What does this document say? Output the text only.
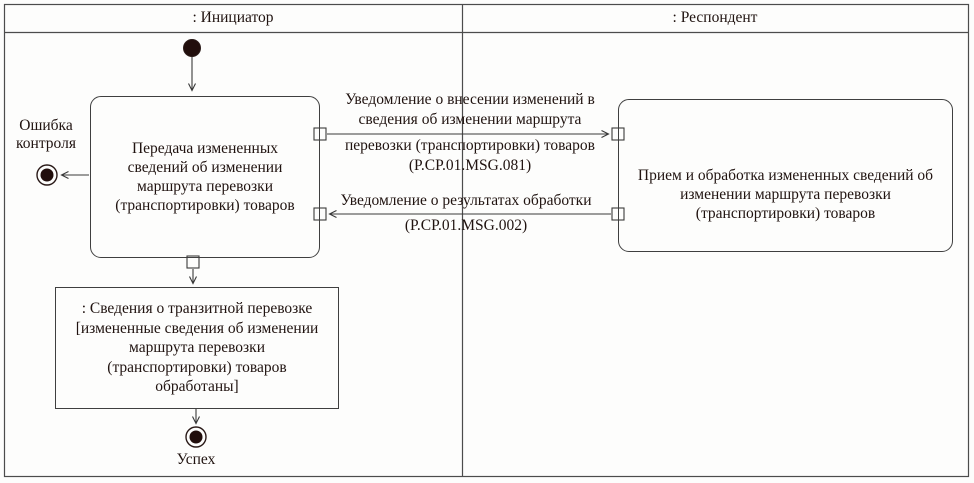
: Инициатор	: Респондент
Передача измененных
сведений об изменении
маршрута перевозки
(транспортировки) товаров
Прием и обработка измененных сведений об
изменении маршрута перевозки
(транспортировки) товаров
Ошибка
контроля
Уведомление о внесении изменений в
сведения об изменении маршрута
перевозки (транспортировки) товаров
(P.CP.01.MSG.081)
Уведомление о результатах обработки
(P.CP.01.MSG.002)
: Сведения о транзитной перевозке
[измененные сведения об изменении
маршрута перевозки
(транспортировки) товаров
обработаны]
Успех
